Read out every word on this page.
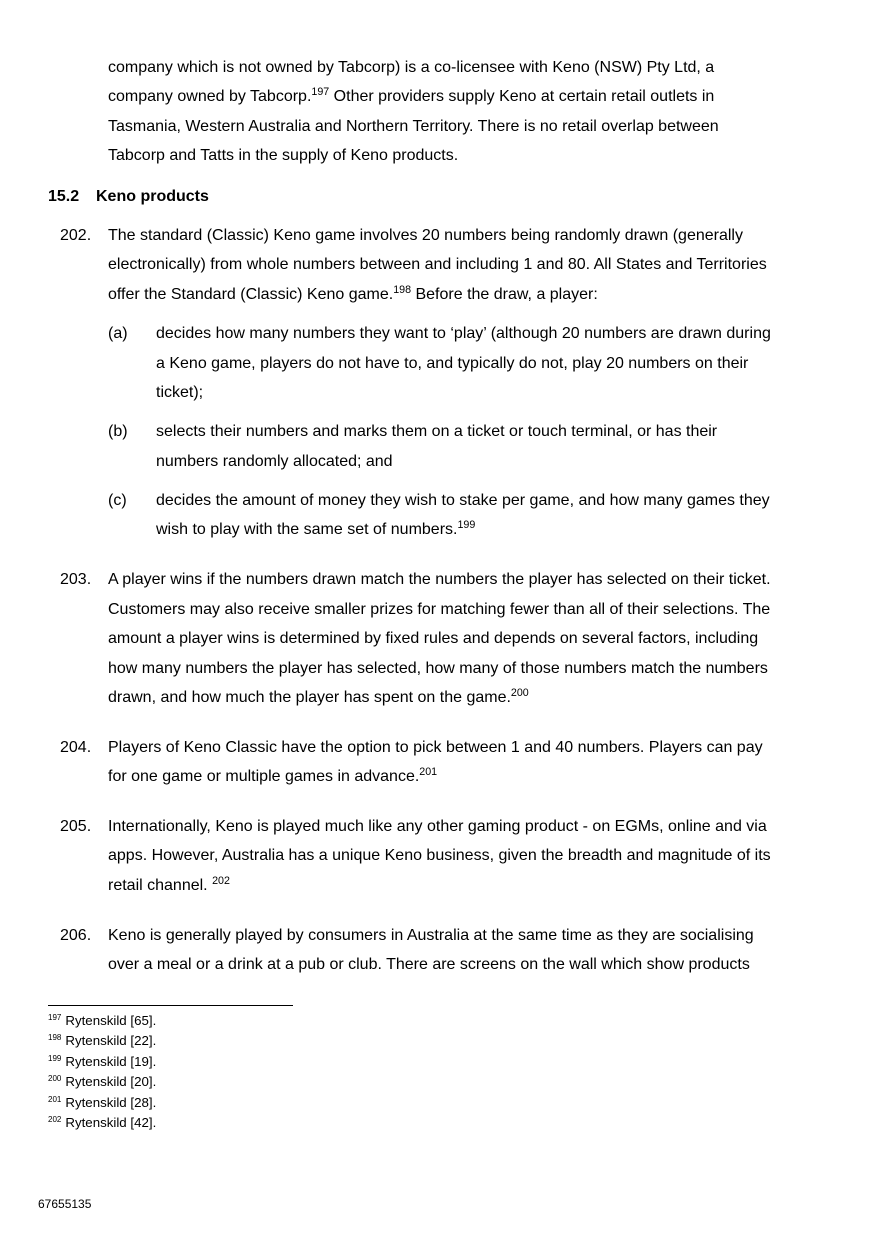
company which is not owned by Tabcorp) is a co-licensee with Keno (NSW) Pty Ltd, a
company owned by Tabcorp.$^{197}$ Other providers supply Keno at certain retail outlets in
Tasmania, Western Australia and Northern Territory. There is no retail overlap between
Tabcorp and Tatts in the supply of Keno products.

15.2

Keno products

202. The standard (Classic) Keno game involves 20 numbers being randomly drawn (generally
electronically) from whole numbers between and including 1 and 80. All States and Territories
offer the Standard (Classic) Keno game.$^{198}$ Before the draw, a player:
(a) decides how many numbers they want to ‘play’ (although 20 numbers are drawn during
a Keno game, players do not have to, and typically do not, play 20 numbers on their
ticket);
(b) selects their numbers and marks them on a ticket or touch terminal, or has their
numbers randomly allocated; and
(c) decides the amount of money they wish to stake per game, and how many games they
wish to play with the same set of numbers.$^{199}$
203. A player wins if the numbers drawn match the numbers the player has selected on their ticket.
Customers may also receive smaller prizes for matching fewer than all of their selections. The
amount a player wins is determined by fixed rules and depends on several factors, including
how many numbers the player has selected, how many of those numbers match the numbers
drawn, and how much the player has spent on the game.$^{200}$
204. Players of Keno Classic have the option to pick between 1 and 40 numbers. Players can pay
for one game or multiple games in advance.$^{201}$
205. Internationally, Keno is played much like any other gaming product - on EGMs, online and via
apps. However, Australia has a unique Keno business, given the breadth and magnitude of its
retail channel. $^{202}$
206. Keno is generally played by consumers in Australia at the same time as they are socialising
over a meal or a drink at a pub or club. There are screens on the wall which show products
$^{197}$ Rytenskild [65].
$^{198}$ Rytenskild [22].
$^{199}$ Rytenskild [19].
$^{200}$ Rytenskild [20].
$^{201}$ Rytenskild [28].
$^{202}$ Rytenskild [42].
67655135
